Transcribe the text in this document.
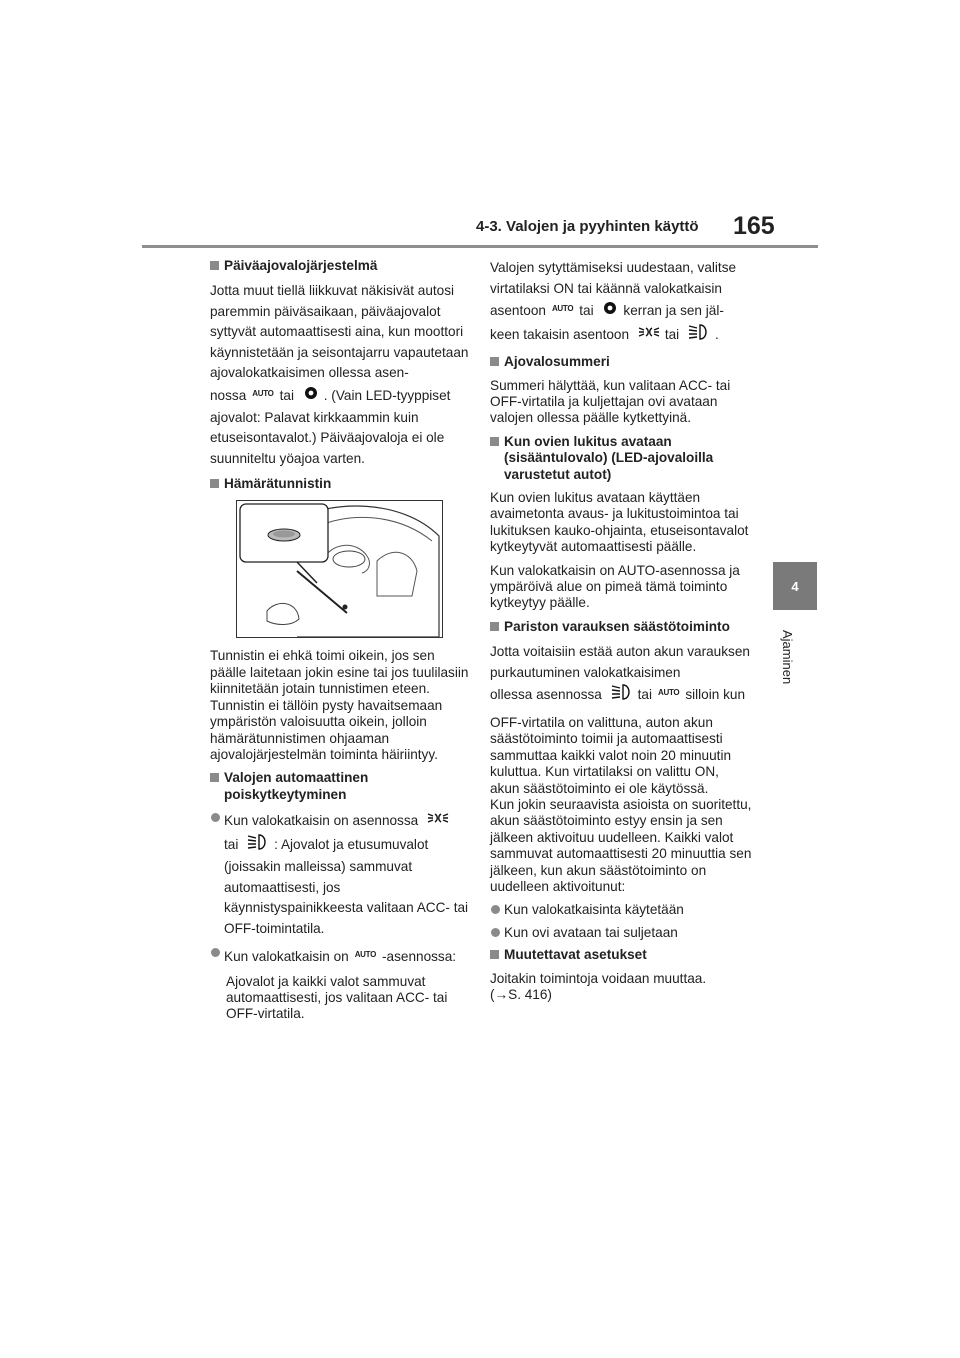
4-3. Valojen ja pyyhinten käyttö 165
4
Ajaminen
Päiväajovalojärjestelmä
Jotta muut tiellä liikkuvat näkisivät autosi paremmin päiväsaikaan, päiväajovalot syttyvät automaattisesti aina, kun moottori käynnistetään ja seisontajarru vapautetaan ajovalokatkaisimen ollessa asen-
nossa $^{AUTO}$ tai . (Vain LED-tyyppiset
ajovalot: Palavat kirkkaammin kuin etuseisontavalot.) Päiväajovaloja ei ole suunniteltu yöajoa varten.
Hämärätunnistin
Tunnistin ei ehkä toimi oikein, jos sen päälle laitetaan jokin esine tai jos tuulilasiin kiinnitetään jotain tunnistimen eteen. Tunnistin ei tällöin pysty havaitsemaan ympäristön valoisuutta oikein, jolloin hämärätunnistimen ohjaaman ajovalojärjestelmän toiminta häiriintyy.
Valojen automaattinen poiskytkeytyminen
Kun valokatkaisin on asennossa
tai	: Ajovalot ja etusumuvalot (joissakin malleissa) sammuvat automaattisesti, jos käynnistyspainikkeesta valitaan ACC- tai OFF-toimintatila.
Kun valokatkaisin on $^{AUTO}$ -asennossa:
Ajovalot ja kaikki valot sammuvat automaattisesti, jos valitaan ACC- tai OFF-virtatila.
Valojen sytyttämiseksi uudestaan, valitse virtatilaksi ON tai käännä valokatkaisin
asentoon $^{AUTO}$ tai kerran ja sen jäl-
keen takaisin asentoon	tai	.
Ajovalosummeri
Summeri hälyttää, kun valitaan ACC- tai OFF-virtatila ja kuljettajan ovi avataan valojen ollessa päälle kytkettyinä.
Kun ovien lukitus avataan (sisääntulovalo) (LED-ajovaloilla varustetut autot)
Kun ovien lukitus avataan käyttäen avaimetonta avaus- ja lukitustoimintoa tai lukituksen kauko-ohjainta, etuseisontavalot kytkeytyvät automaattisesti päälle.
Kun valokatkaisin on AUTO-asennossa ja ympäröivä alue on pimeä tämä toiminto kytkeytyy päälle.
Pariston varauksen säästötoiminto
Jotta voitaisiin estää auton akun varauksen purkautuminen valokatkaisimen
ollessa asennossa	tai $^{AUTO}$ silloin kun
OFF-virtatila on valittuna, auton akun säästötoiminto toimii ja automaattisesti sammuttaa kaikki valot noin 20 minuutin kuluttua. Kun virtatilaksi on valittu ON, akun säästötoiminto ei ole käytössä.
Kun jokin seuraavista asioista on suoritettu, akun säästötoiminto estyy ensin ja sen jälkeen aktivoituu uudelleen. Kaikki valot sammuvat automaattisesti 20 minuuttia sen jälkeen, kun akun säästötoiminto on uudelleen aktivoitunut:
Kun valokatkaisinta käytetään
Kun ovi avataan tai suljetaan
Muutettavat asetukset
Joitakin toimintoja voidaan muuttaa.
(→S. 416)
